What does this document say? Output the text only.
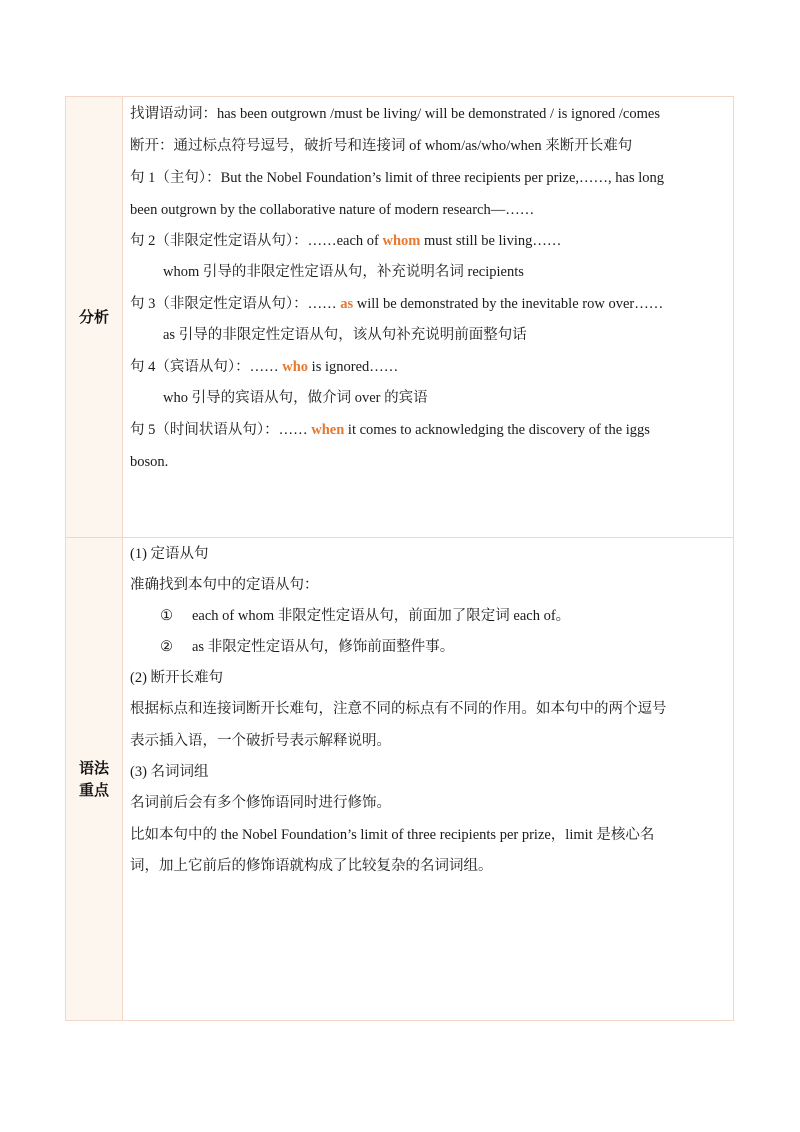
分析
找谓语动词：has been outgrown /must be living/ will be demonstrated / is ignored /comes
断开：通过标点符号逗号，破折号和连接词 of whom/as/who/when 来断开长难句
句 1（主句）：But the Nobel Foundation’s limit of three recipients per prize,……, has long
been outgrown by the collaborative nature of modern research—……
句 2（非限定性定语从句）：……each of whom must still be living……
whom 引导的非限定性定语从句，补充说明名词 recipients
句 3（非限定性定语从句）：…… as will be demonstrated by the inevitable row over……
as 引导的非限定性定语从句，该从句补充说明前面整句话
句 4（宾语从句）：…… who is ignored……
who 引导的宾语从句，做介词 over 的宾语
句 5（时间状语从句）：…… when it comes to acknowledging the discovery of the iggs
boson.
语法
重点
(1) 定语从句
准确找到本句中的定语从句：
① each of whom 非限定性定语从句，前面加了限定词 each of。
② as 非限定性定语从句，修饰前面整件事。
(2) 断开长难句
根据标点和连接词断开长难句，注意不同的标点有不同的作用。如本句中的两个逗号
表示插入语，一个破折号表示解释说明。
(3) 名词词组
名词前后会有多个修饰语同时进行修饰。
比如本句中的 the Nobel Foundation’s limit of three recipients per prize，limit 是核心名
词，加上它前后的修饰语就构成了比较复杂的名词词组。
